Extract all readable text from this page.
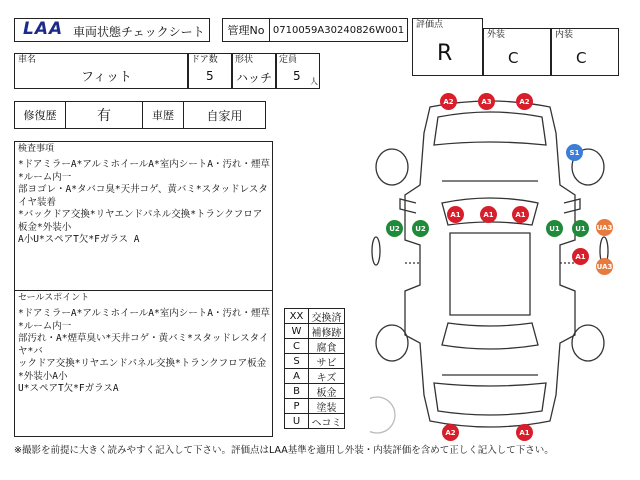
LAA 車両状態チェックシート	管理No 0710059A30240826W001	評価点
R
外装
C
内装
C
車名
フィット
ドア数
5
形状
ハッチ
定員
5 人
修復歴	有	車歴	自家用
検査事項
*ドアミラーA*アルミホイールA*室内シートA・汚れ・煙草*ルーム内一
部ヨゴレ・A*タバコ臭*天井コゲ、黄バミ*スタッドレスタイヤ装着
*バックドア交換*リヤエンドパネル交換*トランクフロア板金*外装小
A小U*スペアT欠*Fガラス A
セールスポイント
*ドアミラーA*アルミホイールA*室内シートA・汚れ・煙草*ルーム内一
部汚れ・A*煙草臭い*天井コゲ・黄バミ*スタッドレスタイヤ*バ
ックドア交換*リヤエンドパネル交換*トランクフロア板金*外装小A小
U*スペアT欠*FガラスA
XX 交換済
W	補修跡
C	腐食
S	サビ
A	キズ
B	板金
P	塗装
U	ヘコミ
A2	A3	A2
S1
A1	A1	A1
U2	U2	U1	U1	UA3
A1
UA3
A2	A1
※撮影を前提に大きく読みやすく記入して下さい。評価点はLAA基準を適用し外装・内装評価を含めて正しく記入して下さい。
